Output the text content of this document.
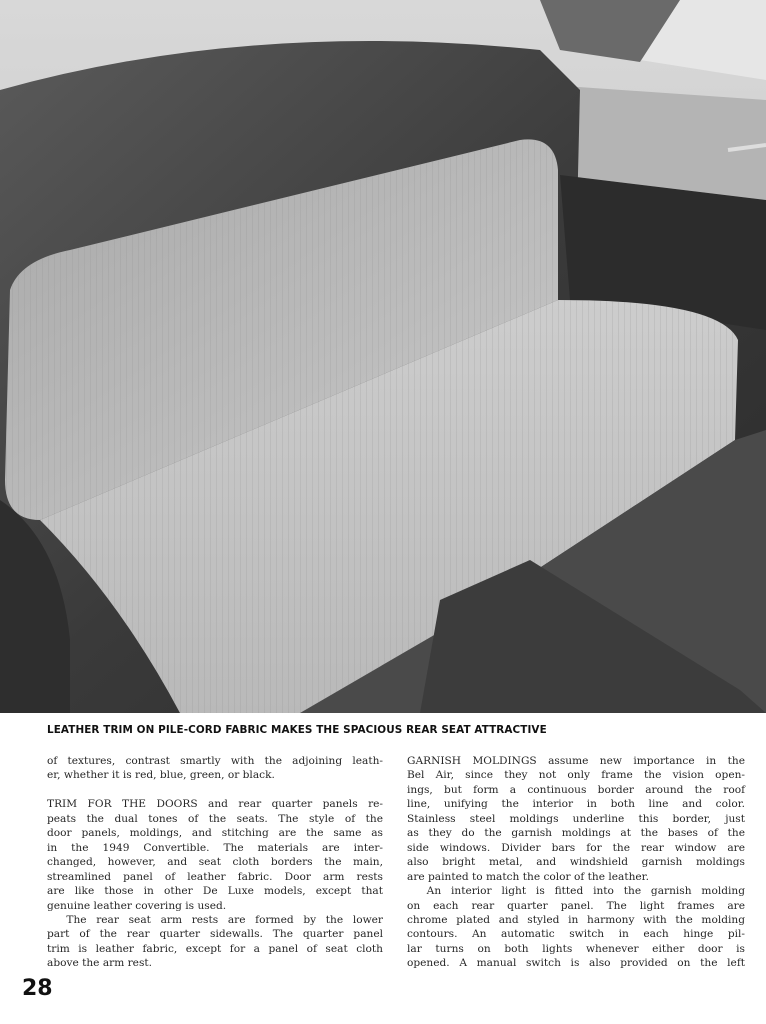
LEATHER TRIM ON PILE-CORD FABRIC MAKES THE SPACIOUS REAR SEAT ATTRACTIVE
of textures, contrast smartly with the adjoining leath-
er, whether it is red, blue, green, or black.
TRIM FOR THE DOORS and rear quarter panels re-
peats the dual tones of the seats. The style of the
door panels, moldings, and stitching are the same as
in the 1949 Convertible. The materials are inter-
changed, however, and seat cloth borders the main,
streamlined panel of leather fabric. Door arm rests
are like those in other De Luxe models, except that
genuine leather covering is used.
The rear seat arm rests are formed by the lower
part of the rear quarter sidewalls. The quarter panel
trim is leather fabric, except for a panel of seat cloth
above the arm rest.
GARNISH MOLDINGS assume new importance in the
Bel Air, since they not only frame the vision open-
ings, but form a continuous border around the roof
line, unifying the interior in both line and color.
Stainless steel moldings underline this border, just
as they do the garnish moldings at the bases of the
side windows. Divider bars for the rear window are
also bright metal, and windshield garnish moldings
are painted to match the color of the leather.
An interior light is fitted into the garnish molding
on each rear quarter panel. The light frames are
chrome plated and styled in harmony with the molding
contours. An automatic switch in each hinge pil-
lar turns on both lights whenever either door is
opened. A manual switch is also provided on the left
28
